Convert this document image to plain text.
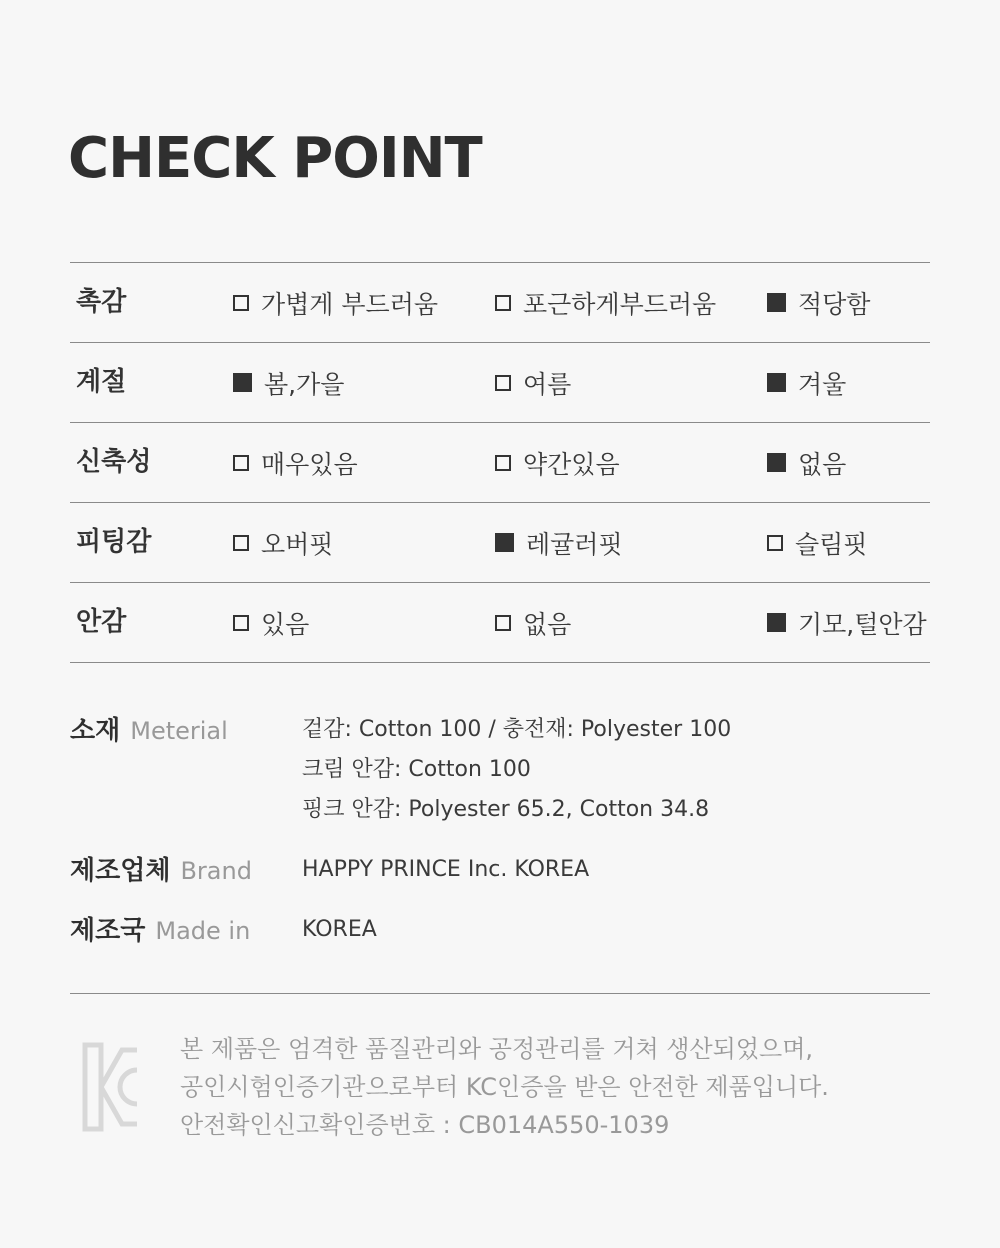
CHECK POINT
촉감	가볍게 부드러움	포근하게부드러움	적당함
계절	봄,가을	여름	겨울
신축성	매우있음	약간있음	없음
피팅감	오버핏	레귤러핏	슬림핏
안감	있음	없음	기모,털안감
소재 Meterial	겉감: Cotton 100 / 충전재: Polyester 100
크림 안감: Cotton 100
핑크 안감: Polyester 65.2, Cotton 34.8
제조업체 Brand HAPPY PRINCE Inc. KOREA
제조국 Made in KOREA
본 제품은 엄격한 품질관리와 공정관리를 거쳐 생산되었으며,
공인시험인증기관으로부터 KC인증을 받은 안전한 제품입니다.
안전확인신고확인증번호 : CB014A550-1039
